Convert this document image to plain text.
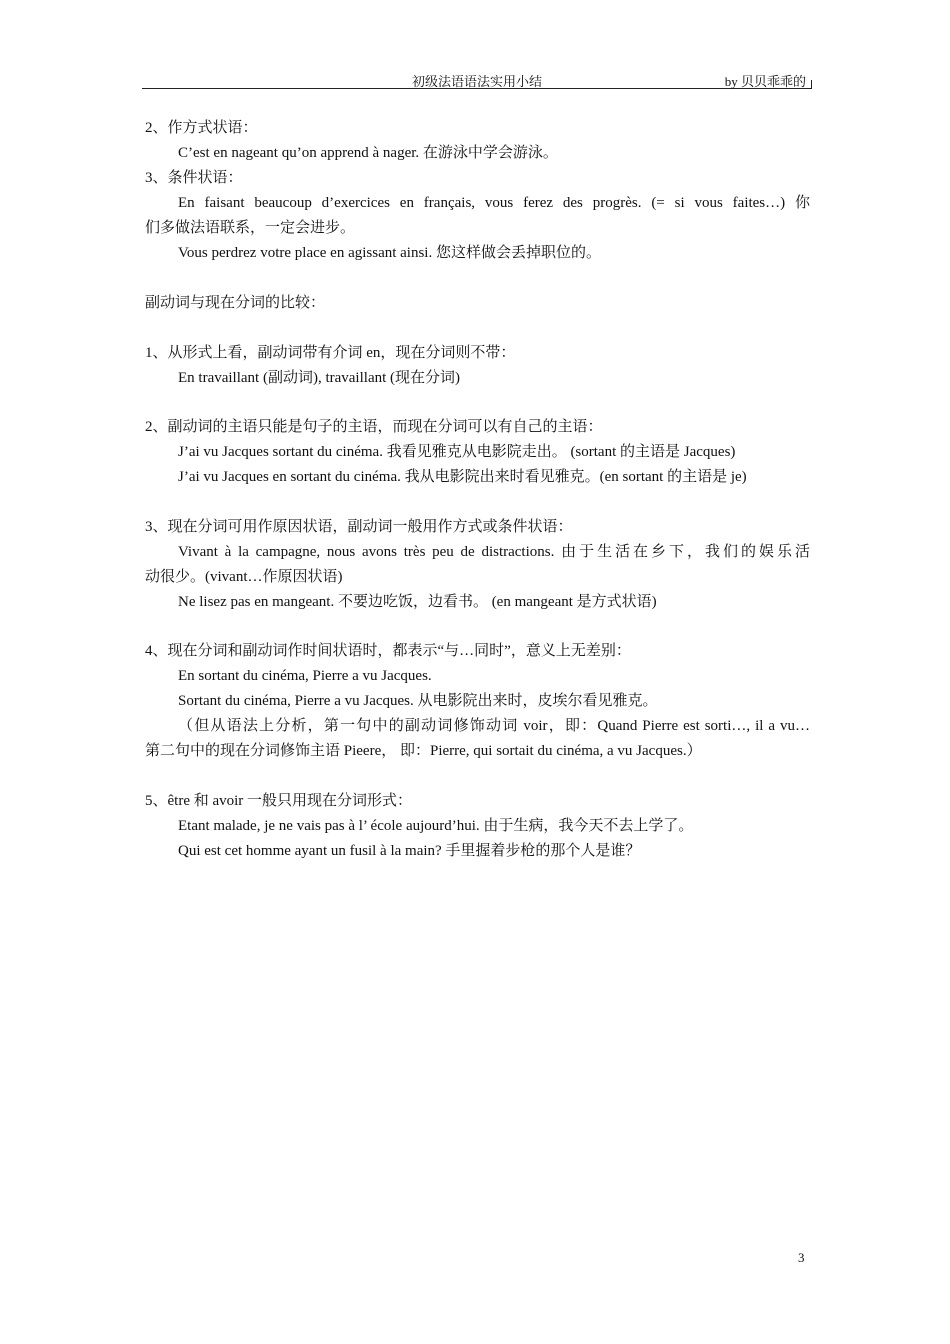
初级法语语法实用小结	by 贝贝乖乖的
2、作方式状语：
C’est en nageant qu’on apprend à nager. 在游泳中学会游泳。
3、条件状语：
En faisant beaucoup d’exercices en français, vous ferez des progrès. (= si vous faites…) 你
们多做法语联系，一定会进步。
Vous perdrez votre place en agissant ainsi. 您这样做会丢掉职位的。
副动词与现在分词的比较：
1、从形式上看，副动词带有介词 en，现在分词则不带：
En travaillant (副动词), travaillant (现在分词)
2、副动词的主语只能是句子的主语，而现在分词可以有自己的主语：
J’ai vu Jacques sortant du cinéma. 我看见雅克从电影院走出。 (sortant 的主语是 Jacques)
J’ai vu Jacques en sortant du cinéma. 我从电影院出来时看见雅克。(en sortant 的主语是 je)
3、现在分词可用作原因状语，副动词一般用作方式或条件状语：
Vivant à la campagne, nous avons très peu de distractions. 由于生活在乡下，我们的娱乐活
动很少。(vivant…作原因状语)
Ne lisez pas en mangeant. 不要边吃饭，边看书。 (en mangeant 是方式状语)
4、现在分词和副动词作时间状语时，都表示“与…同时”，意义上无差别：
En sortant du cinéma, Pierre a vu Jacques.
Sortant du cinéma, Pierre a vu Jacques. 从电影院出来时，皮埃尔看见雅克。
（但从语法上分析，第一句中的副动词修饰动词 voir，即：Quand Pierre est sorti…, il a vu…
第二句中的现在分词修饰主语 Pieere， 即：Pierre, qui sortait du cinéma, a vu Jacques.）
5、être 和 avoir 一般只用现在分词形式：
Etant malade, je ne vais pas à l’ école aujourd’hui. 由于生病，我今天不去上学了。
Qui est cet homme ayant un fusil à la main? 手里握着步枪的那个人是谁？
3
